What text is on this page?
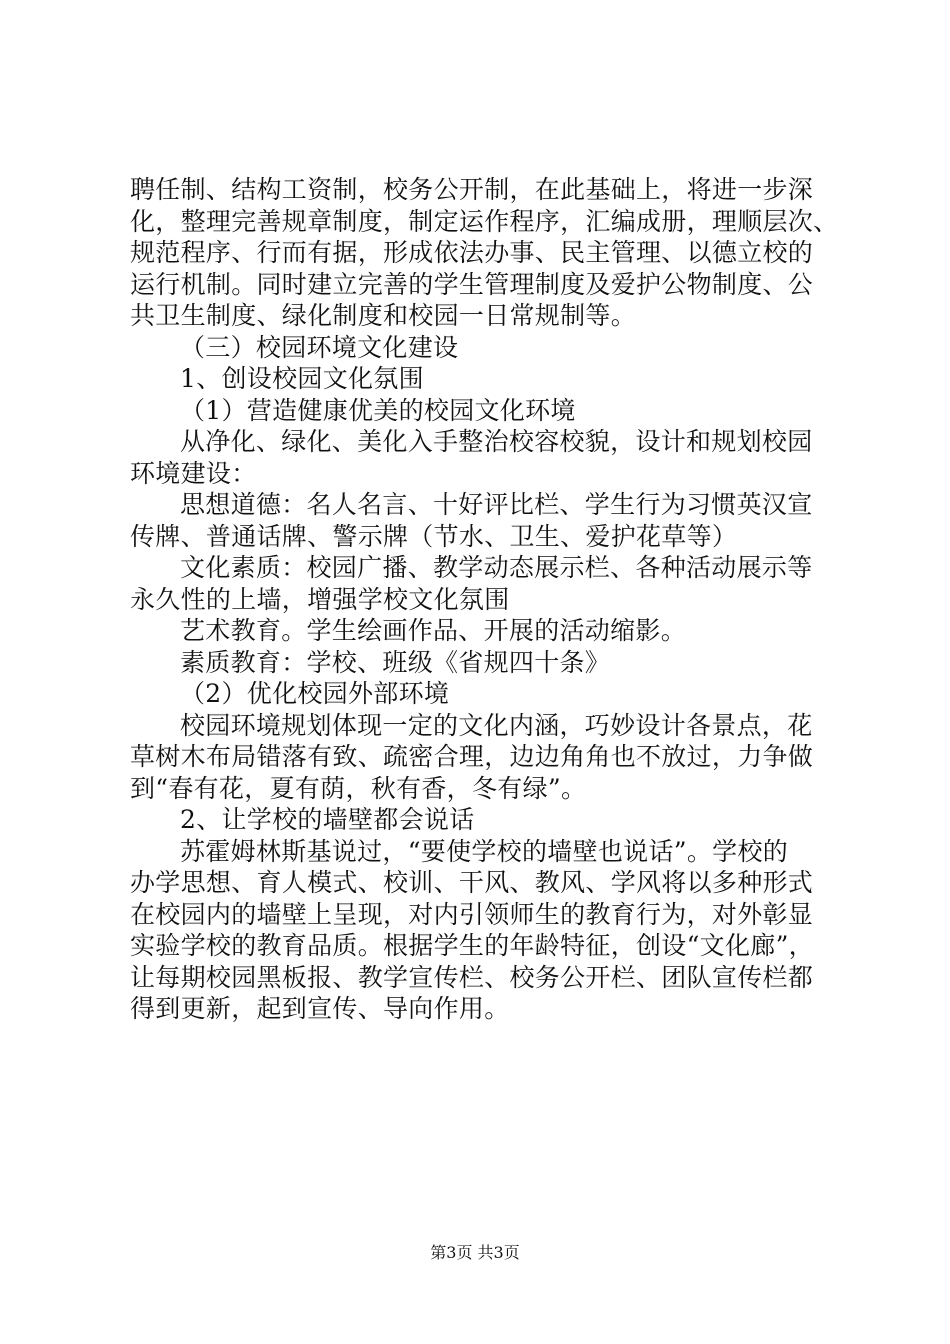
聘任制、结构工资制，校务公开制，在此基础上，将进一步深
化，整理完善规章制度，制定运作程序，汇编成册，理顺层次、
规范程序、行而有据，形成依法办事、民主管理、以德立校的
运行机制。同时建立完善的学生管理制度及爱护公物制度、公
共卫生制度、绿化制度和校园一日常规制等。
（三）校园环境文化建设
1、创设校园文化氛围
（1）营造健康优美的校园文化环境
从净化、绿化、美化入手整治校容校貌，设计和规划校园
环境建设：
思想道德：名人名言、十好评比栏、学生行为习惯英汉宣
传牌、普通话牌、警示牌（节水、卫生、爱护花草等）
文化素质：校园广播、教学动态展示栏、各种活动展示等
永久性的上墙，增强学校文化氛围
艺术教育。学生绘画作品、开展的活动缩影。
素质教育：学校、班级《省规四十条》
（2）优化校园外部环境
校园环境规划体现一定的文化内涵，巧妙设计各景点，花
草树木布局错落有致、疏密合理，边边角角也不放过，力争做
到“春有花，夏有荫，秋有香，冬有绿”。
2、让学校的墙壁都会说话
苏霍姆林斯基说过，“要使学校的墙壁也说话”。学校的
办学思想、育人模式、校训、干风、教风、学风将以多种形式
在校园内的墙壁上呈现，对内引领师生的教育行为，对外彰显
实验学校的教育品质。根据学生的年龄特征，创设“文化廊”，
让每期校园黑板报、教学宣传栏、校务公开栏、团队宣传栏都
得到更新，起到宣传、导向作用。
第3页 共3页
